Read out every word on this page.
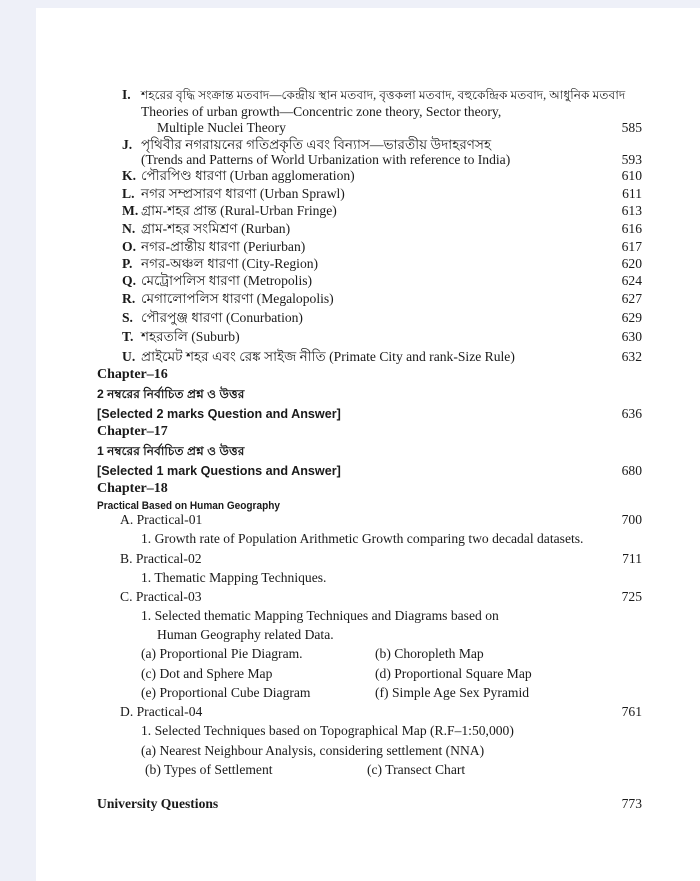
I. শহরের বৃদ্ধি সংক্রান্ত মতবাদ—কেন্দ্রীয় স্থান মতবাদ, বৃত্তকলা মতবাদ, বহুকেন্দ্রিক মতবাদ, আধুনিক মতবাদ
Theories of urban growth—Concentric zone theory, Sector theory,
Multiple Nuclei Theory	585
J. পৃথিবীর নগরায়নের গতিপ্রকৃতি এবং বিন্যাস—ভারতীয় উদাহরণসহ
(Trends and Patterns of World Urbanization with reference to India)	593
K. পৌরপিণ্ড ধারণা (Urban agglomeration)	610
L. নগর সম্প্রসারণ ধারণা (Urban Sprawl)	611
M. গ্রাম-শহর প্রান্ত (Rural-Urban Fringe)	613
N. গ্রাম-শহর সংমিশ্রণ (Rurban)	616
O. নগর-প্রান্তীয় ধারণা (Periurban)	617
P. নগর-অঞ্চল ধারণা (City-Region)	620
Q. মেট্রোপলিস ধারণা (Metropolis)	624
R. মেগালোপলিস ধারণা (Megalopolis)	627
S. পৌরপুঞ্জ ধারণা (Conurbation)	629
T. শহরতলি (Suburb)	630
U. প্রাইমেট শহর এবং রেঙ্ক সাইজ নীতি (Primate City and rank-Size Rule)	632
Chapter–16
2 নম্বরের নির্বাচিত প্রশ্ন ও উত্তর
[Selected 2 marks Question and Answer]	636
Chapter–17
1 নম্বরের নির্বাচিত প্রশ্ন ও উত্তর
[Selected 1 mark Questions and Answer]	680
Chapter–18
Practical Based on Human Geography
A. Practical-01	700
1. Growth rate of Population Arithmetic Growth comparing two decadal datasets.
B. Practical-02	711
1. Thematic Mapping Techniques.
C. Practical-03	725
1. Selected thematic Mapping Techniques and Diagrams based on
Human Geography related Data.
(a) Proportional Pie Diagram.	(b) Choropleth Map
(c) Dot and Sphere Map	(d) Proportional Square Map
(e) Proportional Cube Diagram	(f) Simple Age Sex Pyramid
D. Practical-04	761
1. Selected Techniques based on Topographical Map (R.F–1:50,000)
(a) Nearest Neighbour Analysis, considering settlement (NNA)
(b) Types of Settlement	(c) Transect Chart
University Questions	773
